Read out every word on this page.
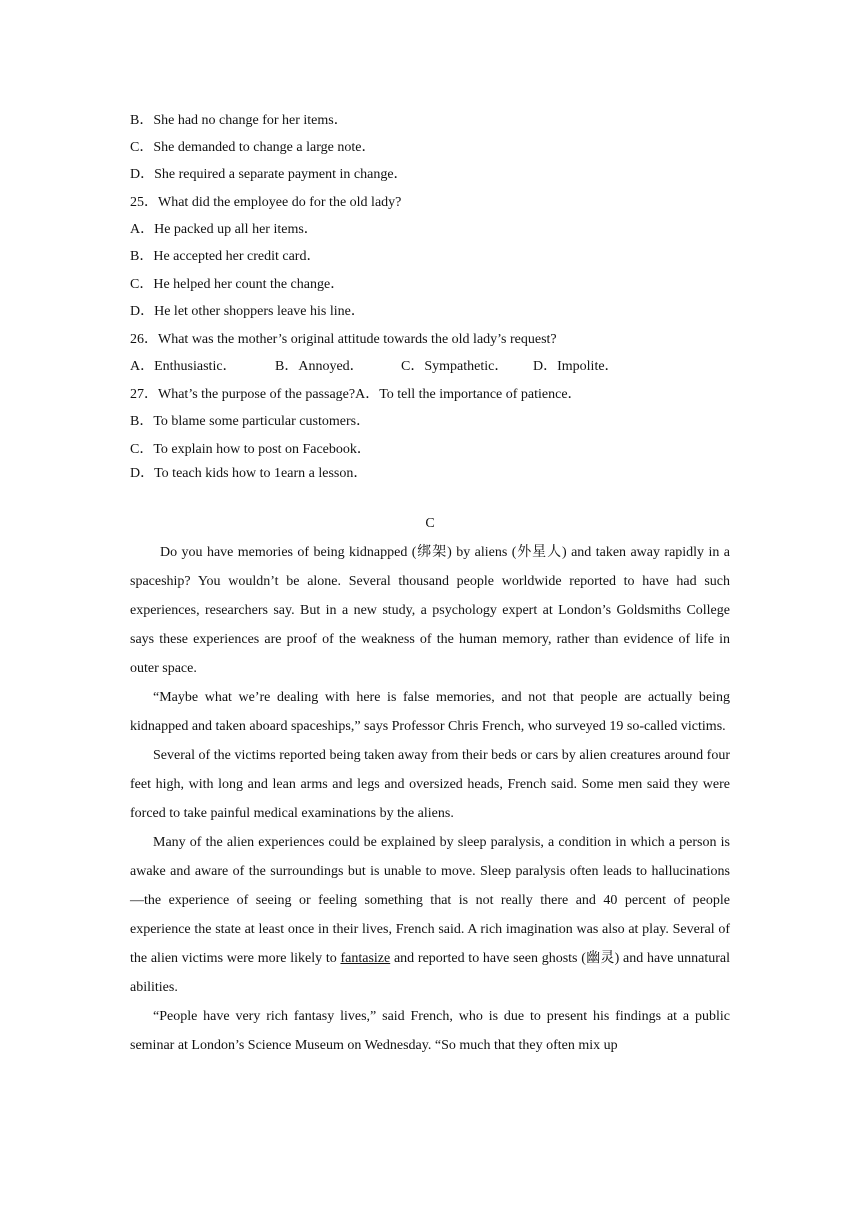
B．She had no change for her items．
C．She demanded to change a large note．
D．She required a separate payment in change．
25．What did the employee do for the old lady?
A．He packed up all her items．
B．He accepted her credit card．
C．He helped her count the change．
D．He let other shoppers leave his line．
26．What was the mother’s original attitude towards the old lady’s request?
A．Enthusiastic．	B．Annoyed．	C．Sympathetic． D．Impolite．
27．What’s the purpose of the passage?A．To tell the importance of patience．
B．To blame some particular customers．
C．To explain how to post on Facebook．
D．To teach kids how to 1earn a lesson．
C

Do you have memories of being kidnapped (绑架) by aliens (外星人) and taken away rapidly in a spaceship? You wouldn’t be alone. Several thousand people worldwide reported to have had such experiences, researchers say. But in a new study, a psychology expert at London’s Goldsmiths College says these experiences are proof of the weakness of the human memory, rather than evidence of life in outer space.

“Maybe what we’re dealing with here is false memories, and not that people are actually being kidnapped and taken aboard spaceships,” says Professor Chris French, who surveyed 19 so-called victims.

Several of the victims reported being taken away from their beds or cars by alien creatures around four feet high, with long and lean arms and legs and oversized heads, French said. Some men said they were forced to take painful medical examinations by the aliens.

Many of the alien experiences could be explained by sleep paralysis, a condition in which a person is awake and aware of the surroundings but is unable to move. Sleep paralysis often leads to hallucinations —the experience of seeing or feeling something that is not really there and 40 percent of people experience the state at least once in their lives, French said. A rich imagination was also at play. Several of the alien victims were more likely to fantasize and reported to have seen ghosts (幽灵) and have unnatural abilities.

“People have very rich fantasy lives,” said French, who is due to present his findings at a public seminar at London’s Science Museum on Wednesday. “So much that they often mix up
